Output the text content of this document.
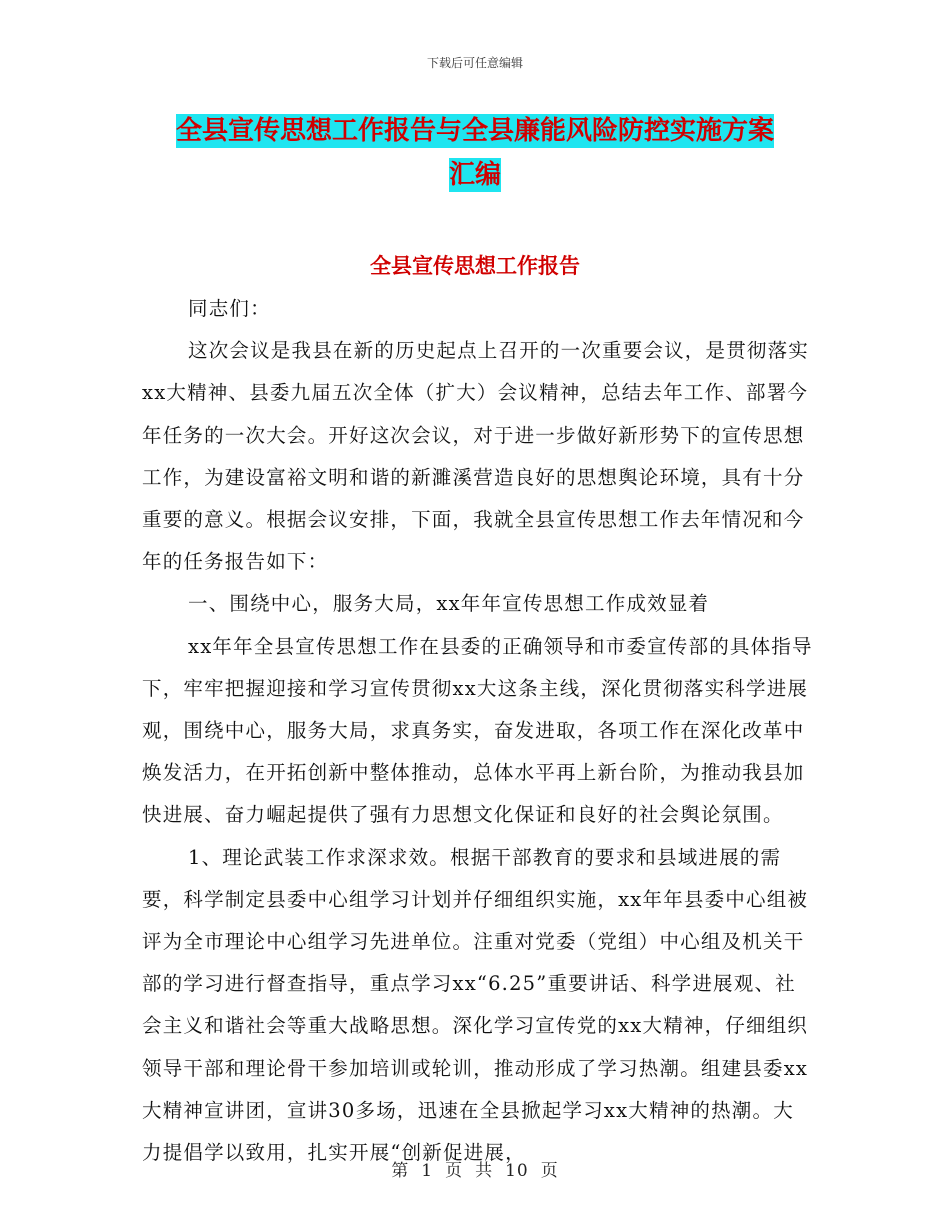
下载后可任意编辑
全县宣传思想工作报告与全县廉能风险防控实施方案
汇编
全县宣传思想工作报告

同志们：

这次会议是我县在新的历史起点上召开的一次重要会议，是贯彻落实xx大精神、县委九届五次全体（扩大）会议精神，总结去年工作、部署今年任务的一次大会。开好这次会议，对于进一步做好新形势下的宣传思想工作，为建设富裕文明和谐的新濉溪营造良好的思想舆论环境，具有十分重要的意义。根据会议安排，下面，我就全县宣传思想工作去年情况和今年的任务报告如下：

一、围绕中心，服务大局，xx年年宣传思想工作成效显着

xx年年全县宣传思想工作在县委的正确领导和市委宣传部的具体指导下，牢牢把握迎接和学习宣传贯彻xx大这条主线，深化贯彻落实科学进展观，围绕中心，服务大局，求真务实，奋发进取，各项工作在深化改革中焕发活力，在开拓创新中整体推动，总体水平再上新台阶，为推动我县加快进展、奋力崛起提供了强有力思想文化保证和良好的社会舆论氛围。

1、理论武装工作求深求效。根据干部教育的要求和县域进展的需要，科学制定县委中心组学习计划并仔细组织实施，xx年年县委中心组被评为全市理论中心组学习先进单位。注重对党委（党组）中心组及机关干部的学习进行督查指导，重点学习xx“6.25”重要讲话、科学进展观、社会主义和谐社会等重大战略思想。深化学习宣传党的xx大精神，仔细组织领导干部和理论骨干参加培训或轮训，推动形成了学习热潮。组建县委xx大精神宣讲团，宣讲30多场，迅速在全县掀起学习xx大精神的热潮。大力提倡学以致用，扎实开展“创新促进展，

第 1 页 共 10 页
